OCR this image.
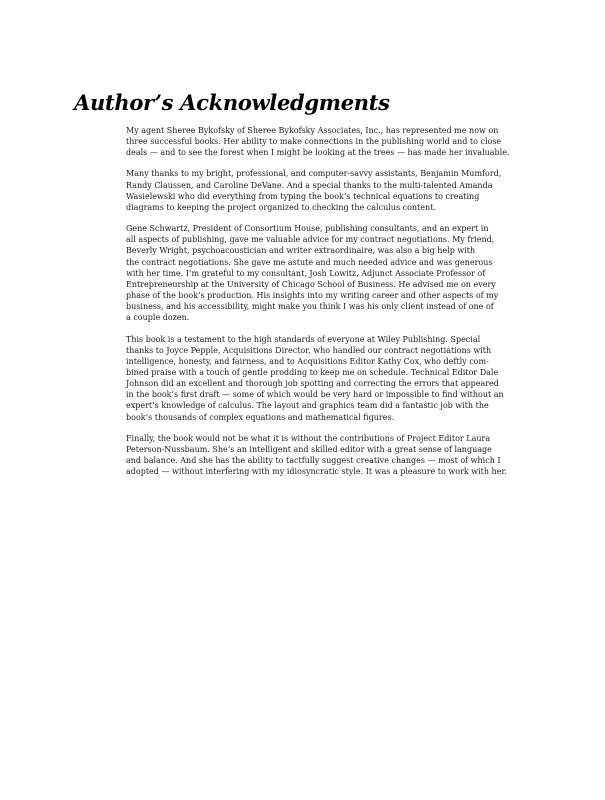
Author’s Acknowledgments

My agent Sheree Bykofsky of Sheree Bykofsky Associates, Inc., has represented me now on
three successful books. Her ability to make connections in the publishing world and to close
deals — and to see the forest when I might be looking at the trees — has made her invaluable.

Many thanks to my bright, professional, and computer-savvy assistants, Benjamin Mumford,
Randy Claussen, and Caroline DeVane. And a special thanks to the multi-talented Amanda
Wasielewski who did everything from typing the book’s technical equations to creating
diagrams to keeping the project organized to checking the calculus content.

Gene Schwartz, President of Consortium House, publishing consultants, and an expert in
all aspects of publishing, gave me valuable advice for my contract negotiations. My friend,
Beverly Wright, psychoacoustician and writer extraordinaire, was also a big help with
the contract negotiations. She gave me astute and much needed advice and was generous
with her time. I’m grateful to my consultant, Josh Lowitz, Adjunct Associate Professor of
Entrepreneurship at the University of Chicago School of Business. He advised me on every
phase of the book’s production. His insights into my writing career and other aspects of my
business, and his accessibility, might make you think I was his only client instead of one of
a couple dozen.

This book is a testament to the high standards of everyone at Wiley Publishing. Special
thanks to Joyce Pepple, Acquisitions Director, who handled our contract negotiations with
intelligence, honesty, and fairness, and to Acquisitions Editor Kathy Cox, who deftly com-
bined praise with a touch of gentle prodding to keep me on schedule. Technical Editor Dale
Johnson did an excellent and thorough job spotting and correcting the errors that appeared
in the book’s first draft — some of which would be very hard or impossible to find without an
expert’s knowledge of calculus. The layout and graphics team did a fantastic job with the
book’s thousands of complex equations and mathematical figures.

Finally, the book would not be what it is without the contributions of Project Editor Laura
Peterson-Nussbaum. She’s an intelligent and skilled editor with a great sense of language
and balance. And she has the ability to tactfully suggest creative changes — most of which I
adopted — without interfering with my idiosyncratic style. It was a pleasure to work with her.
